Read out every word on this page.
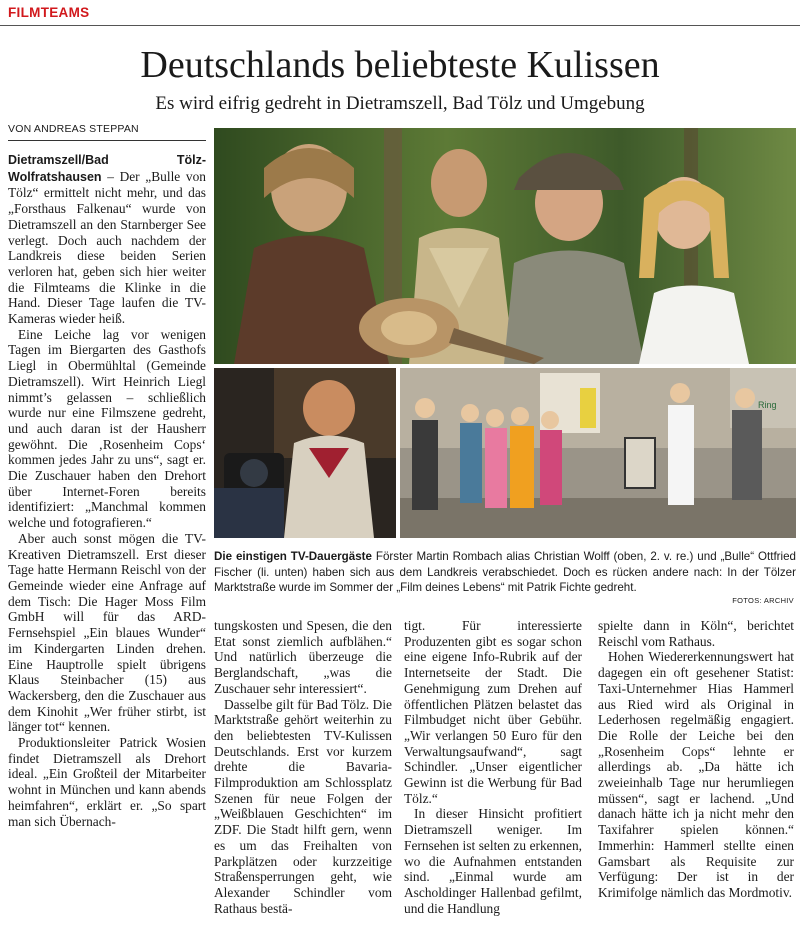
FILMTEAMS
Deutschlands beliebteste Kulissen
Es wird eifrig gedreht in Dietramszell, Bad Tölz und Umgebung
VON ANDREAS STEPPAN

Dietramszell/Bad Tölz-Wolfratshausen – Der „Bulle von Tölz“ ermittelt nicht mehr, und das „Forsthaus Falkenau“ wurde von Dietramszell an den Starnberger See verlegt. Doch auch nachdem der Landkreis diese beiden Serien verloren hat, geben sich hier weiter die Filmteams die Klinke in die Hand. Dieser Tage laufen die TV-Kameras wieder heiß.

Eine Leiche lag vor wenigen Tagen im Biergarten des Gasthofs Liegl in Obermühltal (Gemeinde Dietramszell). Wirt Heinrich Liegl nimmt’s gelassen – schließlich wurde nur eine Filmszene gedreht, und auch daran ist der Hausherr gewöhnt. Die ‚Rosenheim Cops‘ kommen jedes Jahr zu uns“, sagt er. Die Zuschauer haben den Drehort über Internet-Foren bereits identifiziert: „Manchmal kommen welche und fotografieren.“

Aber auch sonst mögen die TV-Kreativen Dietramszell. Erst dieser Tage hatte Hermann Reischl von der Gemeinde wieder eine Anfrage auf dem Tisch: Die Hager Moss Film GmbH will für das ARD-Fernsehspiel „Ein blaues Wunder“ im Kindergarten Linden drehen. Eine Hauptrolle spielt übrigens Klaus Steinbacher (15) aus Wackersberg, den die Zuschauer aus dem Kinohit „Wer früher stirbt, ist länger tot“ kennen.

Produktionsleiter Patrick Wosien findet Dietramszell als Drehort ideal. „Ein Großteil der Mitarbeiter wohnt in München und kann abends heimfahren“, erklärt er. „So spart man sich Übernach-

Ring
Die einstigen TV-Dauergäste Förster Martin Rombach alias Christian Wolff (oben, 2. v. re.) und „Bulle“ Ottfried Fischer (li. unten) haben sich aus dem Landkreis verabschiedet. Doch es rücken andere nach: In der Tölzer Marktstraße wurde im Sommer der „Film deines Lebens“ mit Patrik Fichte gedreht.
FOTOS: ARCHIV

tungskosten und Spesen, die den Etat sonst ziemlich aufblähen.“ Und natürlich überzeuge die Berglandschaft, „was die Zuschauer sehr interessiert“.

Dasselbe gilt für Bad Tölz. Die Marktstraße gehört weiterhin zu den beliebtesten TV-Kulissen Deutschlands. Erst vor kurzem drehte die Bavaria-Filmproduktion am Schlossplatz Szenen für neue Folgen der „Weißblauen Geschichten“ im ZDF. Die Stadt hilft gern, wenn es um das Freihalten von Parkplätzen oder kurzzeitige Straßensperrungen geht, wie Alexander Schindler vom Rathaus bestä-

tigt. Für interessierte Produzenten gibt es sogar schon eine eigene Info-Rubrik auf der Internetseite der Stadt. Die Genehmigung zum Drehen auf öffentlichen Plätzen belastet das Filmbudget nicht über Gebühr. „Wir verlangen 50 Euro für den Verwaltungsaufwand“, sagt Schindler. „Unser eigentlicher Gewinn ist die Werbung für Bad Tölz.“

In dieser Hinsicht profitiert Dietramszell weniger. Im Fernsehen ist selten zu erkennen, wo die Aufnahmen entstanden sind. „Einmal wurde am Ascholdinger Hallenbad gefilmt, und die Handlung

spielte dann in Köln“, berichtet Reischl vom Rathaus.

Hohen Wiedererkennungswert hat dagegen ein oft gesehener Statist: Taxi-Unternehmer Hias Hammerl aus Ried wird als Original in Lederhosen regelmäßig engagiert. Die Rolle der Leiche bei den „Rosenheim Cops“ lehnte er allerdings ab. „Da hätte ich zweieinhalb Tage nur herumliegen müssen“, sagt er lachend. „Und danach hätte ich ja nicht mehr den Taxifahrer spielen können.“ Immerhin: Hammerl stellte einen Gamsbart als Requisite zur Verfügung: Der ist in der Krimifolge nämlich das Mordmotiv.
